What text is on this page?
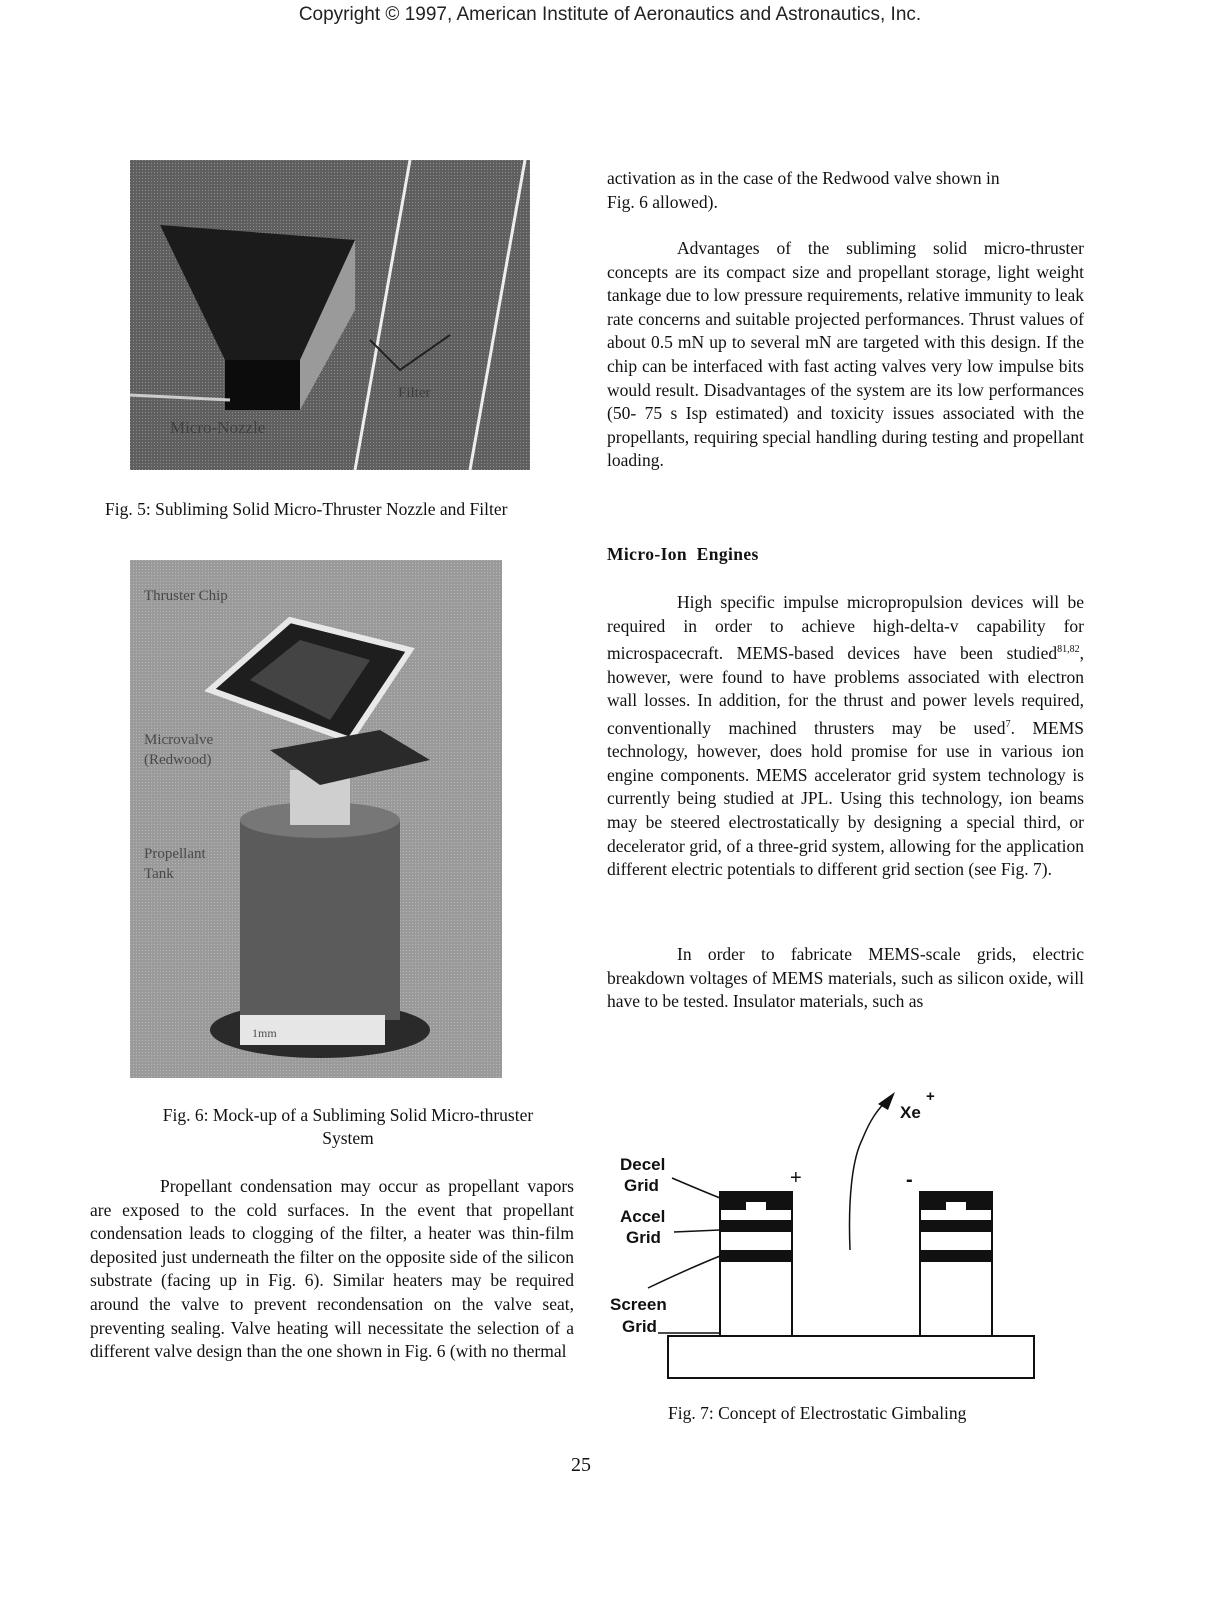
Copyright © 1997, American Institute of Aeronautics and Astronautics, Inc.
Filter
Micro-Nozzle
Fig. 5: Subliming Solid Micro-Thruster Nozzle and Filter
Thruster Chip
Microvalve
(Redwood)
Propellant
Tank
1mm
Fig. 6: Mock-up of a Subliming Solid Micro-thruster
System
Propellant condensation may occur as propellant vapors are exposed to the cold surfaces. In the event that propellant condensation leads to clogging of the filter, a heater was thin-film deposited just underneath the filter on the opposite side of the silicon substrate (facing up in Fig. 6). Similar heaters may be required around the valve to prevent recondensation on the valve seat, preventing sealing. Valve heating will necessitate the selection of a different valve design than the one shown in Fig. 6 (with no thermal
activation as in the case of the Redwood valve shown in
Fig. 6 allowed).
Advantages of the subliming solid micro-thruster concepts are its compact size and propellant storage, light weight tankage due to low pressure requirements, relative immunity to leak rate concerns and suitable projected performances. Thrust values of about 0.5 mN up to several mN are targeted with this design. If the chip can be interfaced with fast acting valves very low impulse bits would result. Disadvantages of the system are its low performances (50- 75 s Isp estimated) and toxicity issues associated with the propellants, requiring special handling during testing and propellant loading.
Micro-Ion  Engines
High specific impulse micropropulsion devices will be required in order to achieve high-delta-v capability for microspacecraft. MEMS-based devices have been studied$^{81,82}$, however, were found to have problems associated with electron wall losses. In addition, for the thrust and power levels required, conventionally machined thrusters may be used$^7$. MEMS technology, however, does hold promise for use in various ion engine components. MEMS accelerator grid system technology is currently being studied at JPL. Using this technology, ion beams may be steered electrostatically by designing a special third, or decelerator grid, of a three-grid system, allowing for the application different electric potentials to different grid section (see Fig. 7).
In order to fabricate MEMS-scale grids, electric breakdown voltages of MEMS materials, such as silicon oxide, will have to be tested. Insulator materials, such as
Decel
Grid
Accel
Grid
Screen
Grid
Xe
+
+	-
Fig. 7: Concept of Electrostatic Gimbaling
25
